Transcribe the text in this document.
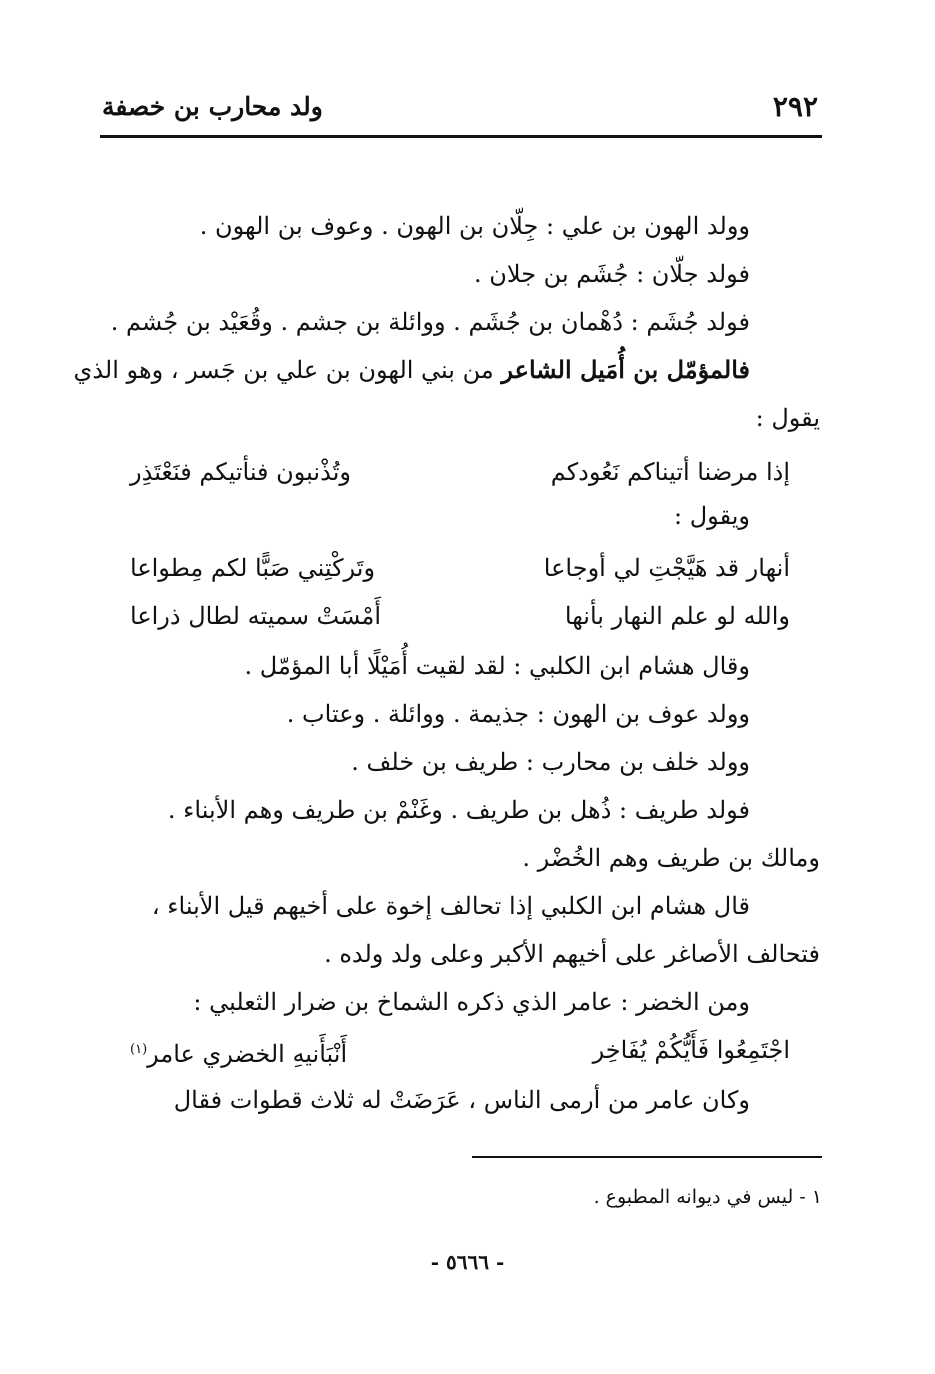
٢٩٢
ولد محارب بن خصفة
وولد الهون بن علي : جِلّان بن الهون . وعوف بن الهون .
فولد جلّان : جُشَم بن جلان .
فولد جُشَم : دُهْمان بن جُشَم . ووائلة بن جشم . وقُعَيْد بن جُشم .
فالمؤمّل بن أُمَيل الشاعر من بني الهون بن علي بن جَسر ، وهو الذي
يقول :
إذا مرضنا أتيناكم نَعُودكم
وتُذْنبون فنأتيكم فنَعْتَذِر
ويقول :
أنهار قد هَيَّجْتِ لي أوجاعا
وتَركْتِني صَبًّا لكم مِطواعا
والله لو علم النهار بأنها
أَمْسَتْ سميته لطال ذراعا
وقال هشام ابن الكلبي : لقد لقيت أُمَيْلًا أبا المؤمّل .
وولد عوف بن الهون : جذيمة . ووائلة . وعتاب .
وولد خلف بن محارب : طريف بن خلف .
فولد طريف : ذُهل بن طريف . وغَنْمْ بن طريف وهم الأبناء .
ومالك بن طريف وهم الخُضْر .
قال هشام ابن الكلبي إذا تحالف إخوة على أخيهم قيل الأبناء ،
فتحالف الأصاغر على أخيهم الأكبر وعلى ولد ولده .
ومن الخضر : عامر الذي ذكره الشماخ بن ضرار الثعلبي :
اجْتَمِعُوا فَأَيُّكُمْ يُفَاخِر
أَنْبَأَنيهِ الخضري عامر$^{(١)}$
وكان عامر من أرمى الناس ، عَرَضَتْ له ثلاث قطوات فقال
١ - ليس في ديوانه المطبوع .
- ٥٦٦٦ -
